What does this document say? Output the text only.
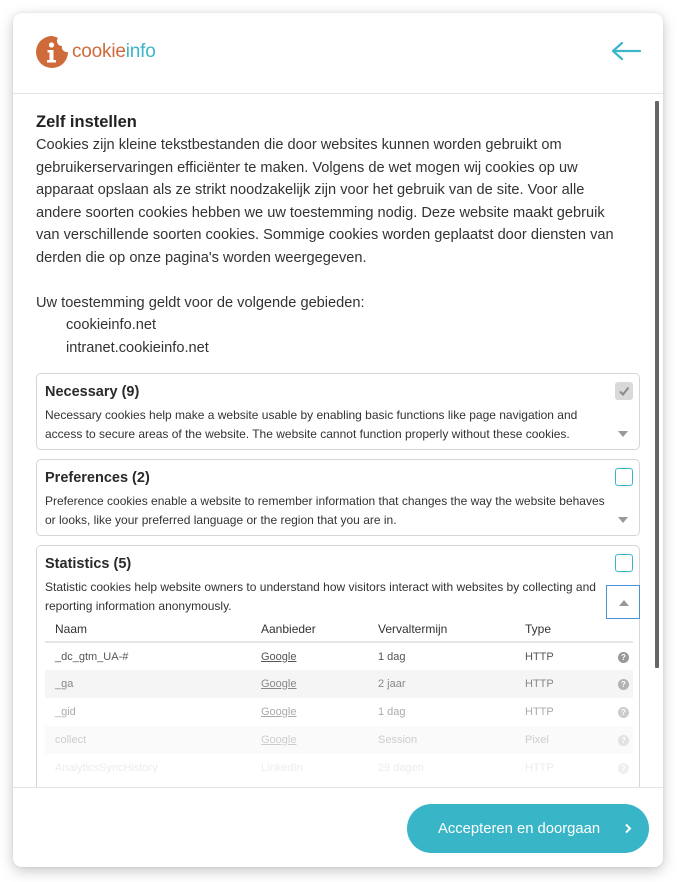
cookieinfo
Zelf instellen
Cookies zijn kleine tekstbestanden die door websites kunnen worden gebruikt om
gebruikerservaringen efficiënter te maken. Volgens de wet mogen wij cookies op uw
apparaat opslaan als ze strikt noodzakelijk zijn voor het gebruik van de site. Voor alle
andere soorten cookies hebben we uw toestemming nodig. Deze website maakt gebruik
van verschillende soorten cookies. Sommige cookies worden geplaatst door diensten van
derden die op onze pagina's worden weergegeven.
Uw toestemming geldt voor de volgende gebieden:
cookieinfo.net
intranet.cookieinfo.net
Necessary (9)
Necessary cookies help make a website usable by enabling basic functions like page navigation and access to secure areas of the website. The website cannot function properly without these cookies.
Preferences (2)
Preference cookies enable a website to remember information that changes the way the website behaves or looks, like your preferred language or the region that you are in.
Statistics (5)
Statistic cookies help website owners to understand how visitors interact with websites by collecting and reporting information anonymously.
Naam	Aanbieder	Vervaltermijn	Type	
_dc_gtm_UA-#	Google	1 dag	HTTP	?
_ga	Google	2 jaar	HTTP	?
_gid	Google	1 dag	HTTP	?
collect	Google	Session	Pixel	?
AnalyticsSyncHistory	LinkedIn	29 dagen	HTTP	?
Accepteren en doorgaan
